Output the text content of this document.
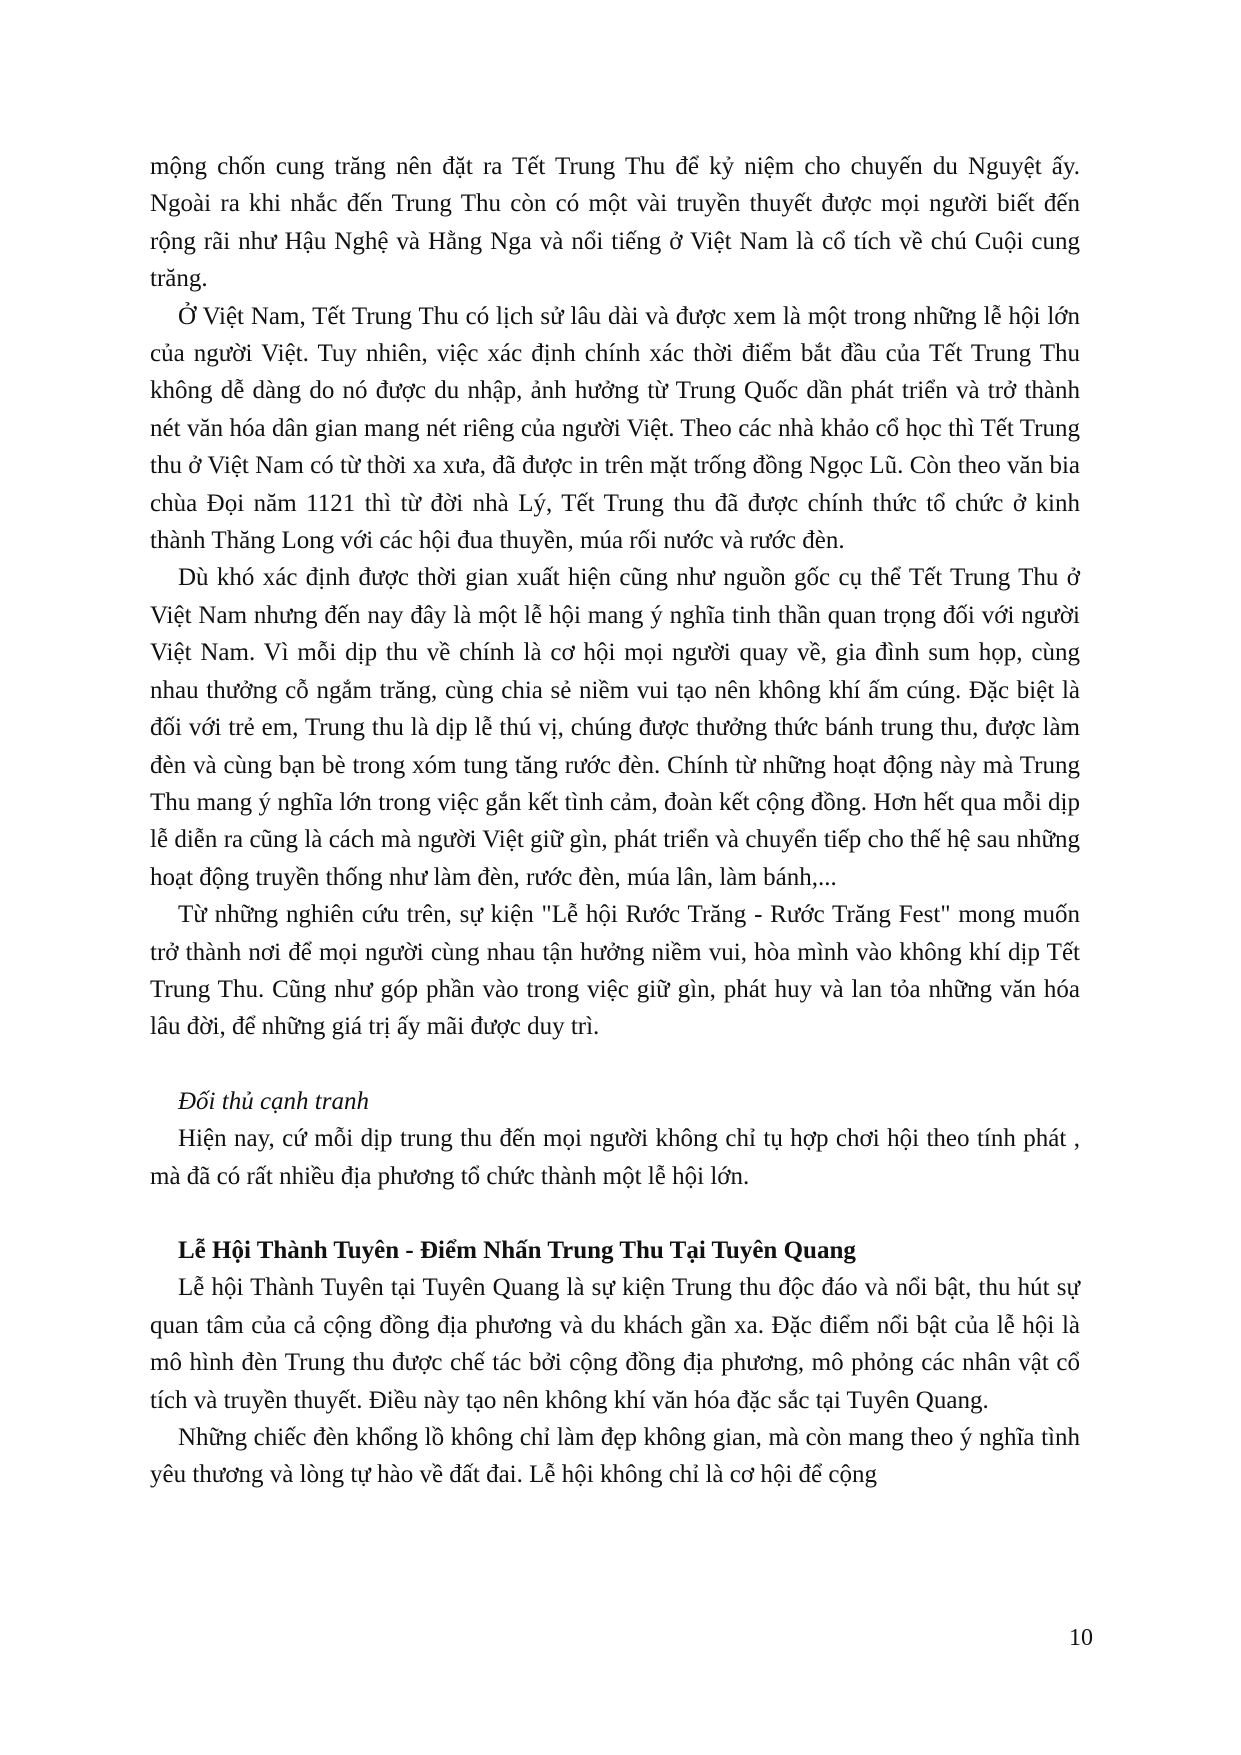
mộng chốn cung trăng nên đặt ra Tết Trung Thu để kỷ niệm cho chuyến du Nguyệt ấy. Ngoài ra khi nhắc đến Trung Thu còn có một vài truyền thuyết được mọi người biết đến rộng rãi như Hậu Nghệ và Hằng Nga và nổi tiếng ở Việt Nam là cổ tích về chú Cuội cung trăng.

Ở Việt Nam, Tết Trung Thu có lịch sử lâu dài và được xem là một trong những lễ hội lớn của người Việt. Tuy nhiên, việc xác định chính xác thời điểm bắt đầu của Tết Trung Thu không dễ dàng do nó được du nhập, ảnh hưởng từ Trung Quốc dần phát triển và trở thành nét văn hóa dân gian mang nét riêng của người Việt. Theo các nhà khảo cổ học thì Tết Trung thu ở Việt Nam có từ thời xa xưa, đã được in trên mặt trống đồng Ngọc Lũ. Còn theo văn bia chùa Đọi năm 1121 thì từ đời nhà Lý, Tết Trung thu đã được chính thức tổ chức ở kinh thành Thăng Long với các hội đua thuyền, múa rối nước và rước đèn.

Dù khó xác định được thời gian xuất hiện cũng như nguồn gốc cụ thể Tết Trung Thu ở Việt Nam nhưng đến nay đây là một lễ hội mang ý nghĩa tinh thần quan trọng đối với người Việt Nam. Vì mỗi dịp thu về chính là cơ hội mọi người quay về, gia đình sum họp, cùng nhau thưởng cỗ ngắm trăng, cùng chia sẻ niềm vui tạo nên không khí ấm cúng. Đặc biệt là đối với trẻ em, Trung thu là dịp lễ thú vị, chúng được thưởng thức bánh trung thu, được làm đèn và cùng bạn bè trong xóm tung tăng rước đèn. Chính từ những hoạt động này mà Trung Thu mang ý nghĩa lớn trong việc gắn kết tình cảm, đoàn kết cộng đồng. Hơn hết qua mỗi dịp lễ diễn ra cũng là cách mà người Việt giữ gìn, phát triển và chuyển tiếp cho thế hệ sau những hoạt động truyền thống như làm đèn, rước đèn, múa lân, làm bánh,...

Từ những nghiên cứu trên, sự kiện "Lễ hội Rước Trăng - Rước Trăng Fest" mong muốn trở thành nơi để mọi người cùng nhau tận hưởng niềm vui, hòa mình vào không khí dịp Tết Trung Thu. Cũng như góp phần vào trong việc giữ gìn, phát huy và lan tỏa những văn hóa lâu đời, để những giá trị ấy mãi được duy trì.

Đối thủ cạnh tranh

Hiện nay, cứ mỗi dịp trung thu đến mọi người không chỉ tụ hợp chơi hội theo tính phát , mà đã có rất nhiều địa phương tổ chức thành một lễ hội lớn.

Lễ Hội Thành Tuyên - Điểm Nhấn Trung Thu Tại Tuyên Quang

Lễ hội Thành Tuyên tại Tuyên Quang là sự kiện Trung thu độc đáo và nổi bật, thu hút sự quan tâm của cả cộng đồng địa phương và du khách gần xa. Đặc điểm nổi bật của lễ hội là mô hình đèn Trung thu được chế tác bởi cộng đồng địa phương, mô phỏng các nhân vật cổ tích và truyền thuyết. Điều này tạo nên không khí văn hóa đặc sắc tại Tuyên Quang.

Những chiếc đèn khổng lồ không chỉ làm đẹp không gian, mà còn mang theo ý nghĩa tình yêu thương và lòng tự hào về đất đai. Lễ hội không chỉ là cơ hội để cộng

10
